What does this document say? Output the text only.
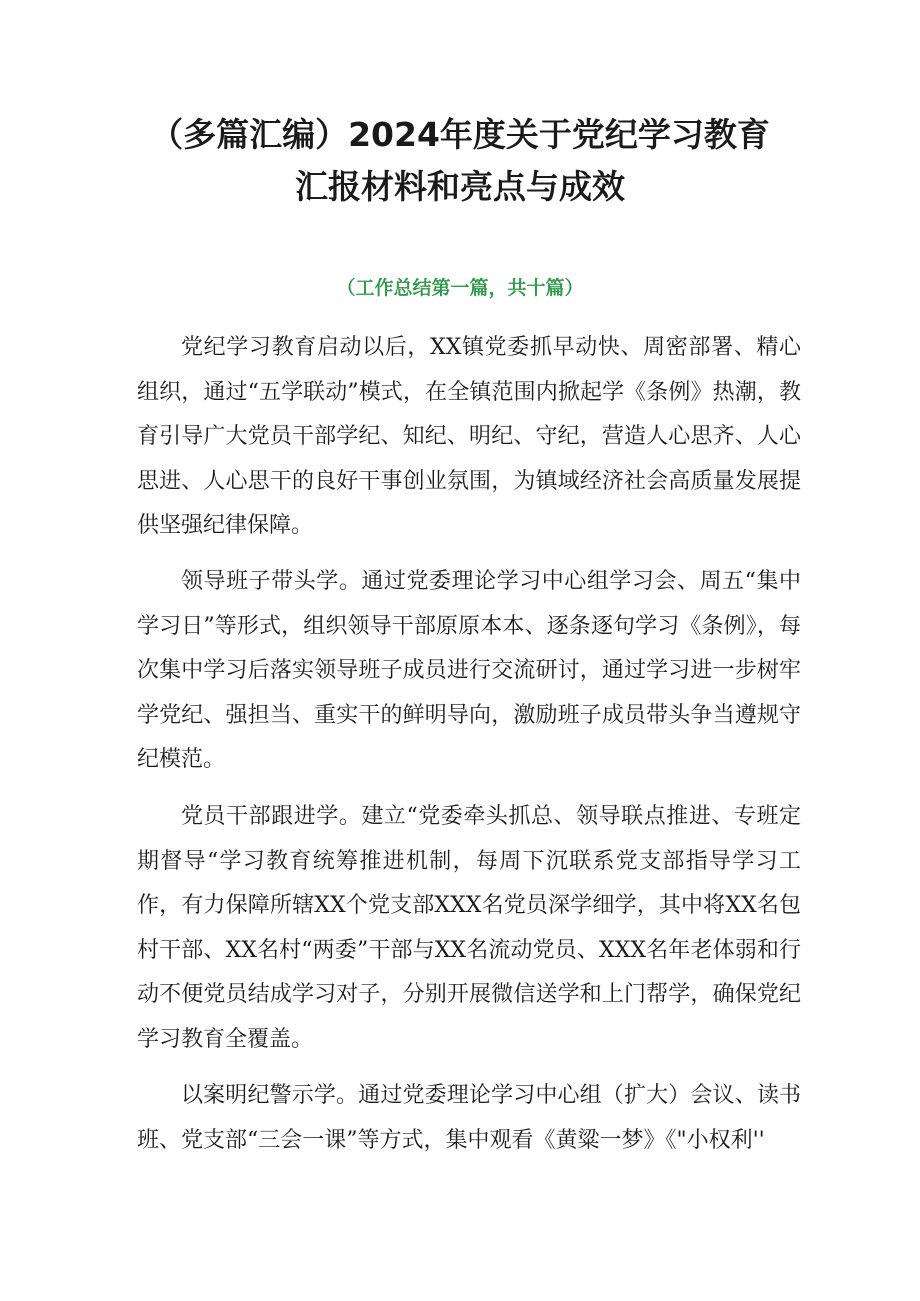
（多篇汇编）2024年度关于党纪学习教育
汇报材料和亮点与成效

（工作总结第一篇，共十篇）

党纪学习教育启动以后，XX镇党委抓早动快、周密部署、精心组织，通过“五学联动”模式，在全镇范围内掀起学《条例》热潮，教育引导广大党员干部学纪、知纪、明纪、守纪，营造人心思齐、人心思进、人心思干的良好干事创业氛围，为镇域经济社会高质量发展提供坚强纪律保障。

领导班子带头学。通过党委理论学习中心组学习会、周五“集中学习日”等形式，组织领导干部原原本本、逐条逐句学习《条例》，每次集中学习后落实领导班子成员进行交流研讨，通过学习进一步树牢学党纪、强担当、重实干的鲜明导向，激励班子成员带头争当遵规守纪模范。

党员干部跟进学。建立“党委牵头抓总、领导联点推进、专班定期督导“学习教育统筹推进机制，每周下沉联系党支部指导学习工作，有力保障所辖XX个党支部XXX名党员深学细学，其中将XX名包村干部、XX名村“两委”干部与XX名流动党员、XXX名年老体弱和行动不便党员结成学习对子，分别开展微信送学和上门帮学，确保党纪学习教育全覆盖。

以案明纪警示学。通过党委理论学习中心组（扩大）会议、读书班、党支部“三会一课”等方式，集中观看《黄粱一梦》《"小权利''
